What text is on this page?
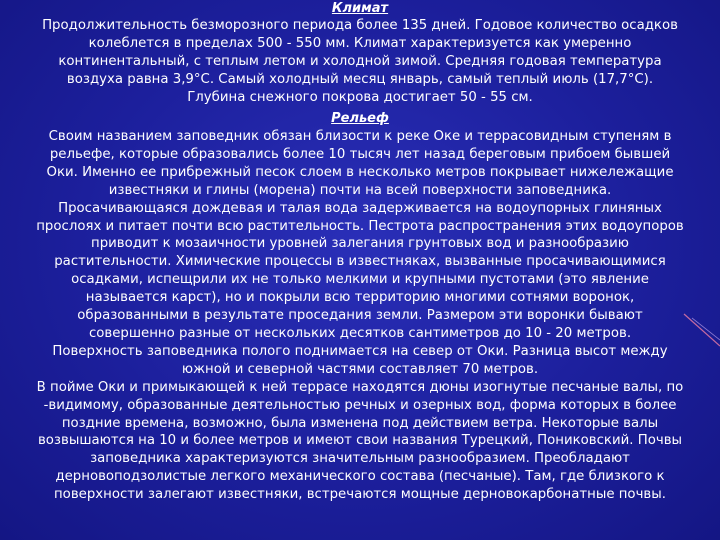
Климат
Продолжительность безморозного периода более 135 дней. Годовое количество осадков
колеблется в пределах 500 - 550 мм. Климат характеризуется как умеренно
континентальный, с теплым летом и холодной зимой. Средняя годовая температура
воздуха равна 3,9°С. Самый холодный месяц январь, самый теплый июль (17,7°С).
Глубина снежного покрова достигает 50 - 55 см.
Рельеф
Своим названием заповедник обязан близости к реке Оке и террасовидным ступеням в
рельефе, которые образовались более 10 тысяч лет назад береговым прибоем бывшей
Оки. Именно ее прибрежный песок слоем в несколько метров покрывает нижележащие
известняки и глины (морена) почти на всей поверхности заповедника.
Просачивающаяся дождевая и талая вода задерживается на водоупорных глиняных
прослоях и питает почти всю растительность. Пестрота распространения этих водоупоров
приводит к мозаичности уровней залегания грунтовых вод и разнообразию
растительности. Химические процессы в известняках, вызванные просачивающимися
осадками, испещрили их не только мелкими и крупными пустотами (это явление
называется карст), но и покрыли всю территорию многими сотнями воронок,
образованными в результате проседания земли. Размером эти воронки бывают
совершенно разные от нескольких десятков сантиметров до 10 - 20 метров.
Поверхность заповедника полого поднимается на север от Оки. Разница высот между
южной и северной частями составляет 70 метров.
В пойме Оки и примыкающей к ней террасе находятся дюны изогнутые песчаные валы, по
-видимому, образованные деятельностью речных и озерных вод, форма которых в более
поздние времена, возможно, была изменена под действием ветра. Некоторые валы
возвышаются на 10 и более метров и имеют свои названия Турецкий, Пониковский. Почвы
заповедника характеризуются значительным разнообразием. Преобладают
дерновоподзолистые легкого механического состава (песчаные). Там, где близкого к
поверхности залегают известняки, встречаются мощные дерновокарбонатные почвы.
